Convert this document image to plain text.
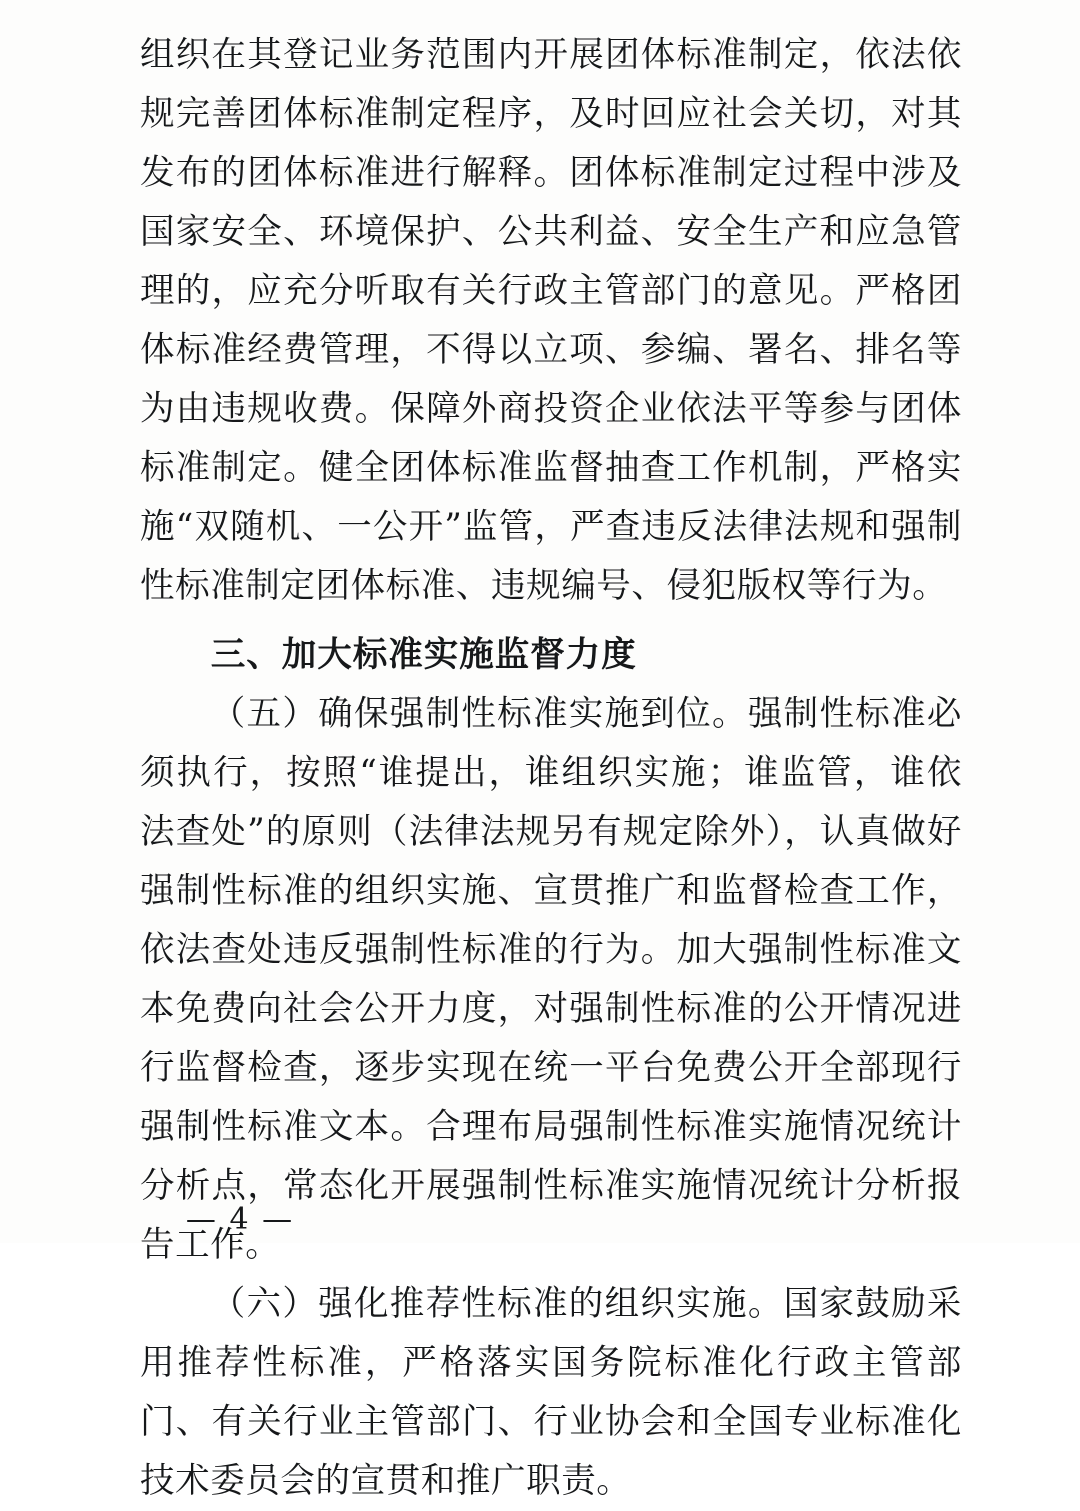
组织在其登记业务范围内开展团体标准制定，依法依规完善团体标准制定程序，及时回应社会关切，对其发布的团体标准进行解释。团体标准制定过程中涉及国家安全、环境保护、公共利益、安全生产和应急管理的，应充分听取有关行政主管部门的意见。严格团体标准经费管理，不得以立项、参编、署名、排名等为由违规收费。保障外商投资企业依法平等参与团体标准制定。健全团体标准监督抽查工作机制，严格实施“双随机、一公开”监管，严查违反法律法规和强制性标准制定团体标准、违规编号、侵犯版权等行为。

三、加大标准实施监督力度

（五）确保强制性标准实施到位。强制性标准必须执行，按照“谁提出，谁组织实施；谁监管，谁依法查处”的原则（法律法规另有规定除外），认真做好强制性标准的组织实施、宣贯推广和监督检查工作，依法查处违反强制性标准的行为。加大强制性标准文本免费向社会公开力度，对强制性标准的公开情况进行监督检查，逐步实现在统一平台免费公开全部现行强制性标准文本。合理布局强制性标准实施情况统计分析点，常态化开展强制性标准实施情况统计分析报告工作。

（六）强化推荐性标准的组织实施。国家鼓励采用推荐性标准，严格落实国务院标准化行政主管部门、有关行业主管部门、行业协会和全国专业标准化技术委员会的宣贯和推广职责。

— 4 —
